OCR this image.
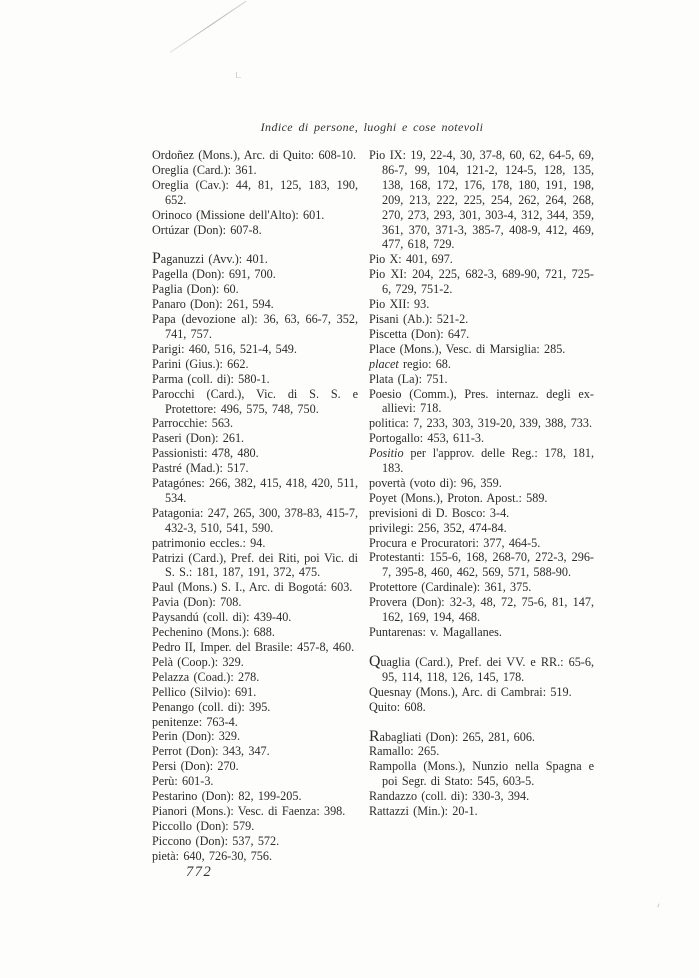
Indice di persone, luoghi e cose notevoli
Ordoñez (Mons.), Arc. di Quito: 608-10.
Oreglia (Card.): 361.
Oreglia (Cav.): 44, 81, 125, 183, 190, 652.
Orinoco (Missione dell'Alto): 601.
Ortúzar (Don): 607-8.
Paganuzzi (Avv.): 401.
Pagella (Don): 691, 700.
Paglia (Don): 60.
Panaro (Don): 261, 594.
Papa (devozione al): 36, 63, 66-7, 352, 741, 757.
Parigi: 460, 516, 521-4, 549.
Parini (Gius.): 662.
Parma (coll. di): 580-1.
Parocchi (Card.), Vic. di S. S. e Protettore: 496, 575, 748, 750.
Parrocchie: 563.
Paseri (Don): 261.
Passionisti: 478, 480.
Pastré (Mad.): 517.
Patagónes: 266, 382, 415, 418, 420, 511, 534.
Patagonia: 247, 265, 300, 378-83, 415-7, 432-3, 510, 541, 590.
patrimonio eccles.: 94.
Patrizi (Card.), Pref. dei Riti, poi Vic. di S. S.: 181, 187, 191, 372, 475.
Paul (Mons.) S. I., Arc. di Bogotá: 603.
Pavia (Don): 708.
Paysandú (coll. di): 439-40.
Pechenino (Mons.): 688.
Pedro II, Imper. del Brasile: 457-8, 460.
Pelà (Coop.): 329.
Pelazza (Coad.): 278.
Pellico (Silvio): 691.
Penango (coll. di): 395.
penitenze: 763-4.
Perin (Don): 329.
Perrot (Don): 343, 347.
Persi (Don): 270.
Perù: 601-3.
Pestarino (Don): 82, 199-205.
Pianori (Mons.): Vesc. di Faenza: 398.
Piccollo (Don): 579.
Piccono (Don): 537, 572.
pietà: 640, 726-30, 756.
Pio IX: 19, 22-4, 30, 37-8, 60, 62, 64-5, 69, 86-7, 99, 104, 121-2, 124-5, 128, 135, 138, 168, 172, 176, 178, 180, 191, 198, 209, 213, 222, 225, 254, 262, 264, 268, 270, 273, 293, 301, 303-4, 312, 344, 359, 361, 370, 371-3, 385-7, 408-9, 412, 469, 477, 618, 729.
Pio X: 401, 697.
Pio XI: 204, 225, 682-3, 689-90, 721, 725-6, 729, 751-2.
Pio XII: 93.
Pisani (Ab.): 521-2.
Piscetta (Don): 647.
Place (Mons.), Vesc. di Marsiglia: 285.
placet regio: 68.
Plata (La): 751.
Poesio (Comm.), Pres. internaz. degli ex-allievi: 718.
politica: 7, 233, 303, 319-20, 339, 388, 733.
Portogallo: 453, 611-3.
Positio per l'approv. delle Reg.: 178, 181, 183.
povertà (voto di): 96, 359.
Poyet (Mons.), Proton. Apost.: 589.
previsioni di D. Bosco: 3-4.
privilegi: 256, 352, 474-84.
Procura e Procuratori: 377, 464-5.
Protestanti: 155-6, 168, 268-70, 272-3, 296-7, 395-8, 460, 462, 569, 571, 588-90.
Protettore (Cardinale): 361, 375.
Provera (Don): 32-3, 48, 72, 75-6, 81, 147, 162, 169, 194, 468.
Puntarenas: v. Magallanes.
Quaglia (Card.), Pref. dei VV. e RR.: 65-6, 95, 114, 118, 126, 145, 178.
Quesnay (Mons.), Arc. di Cambrai: 519.
Quito: 608.
Rabagliati (Don): 265, 281, 606.
Ramallo: 265.
Rampolla (Mons.), Nunzio nella Spagna e poi Segr. di Stato: 545, 603-5.
Randazzo (coll. di): 330-3, 394.
Rattazzi (Min.): 20-1.
772
